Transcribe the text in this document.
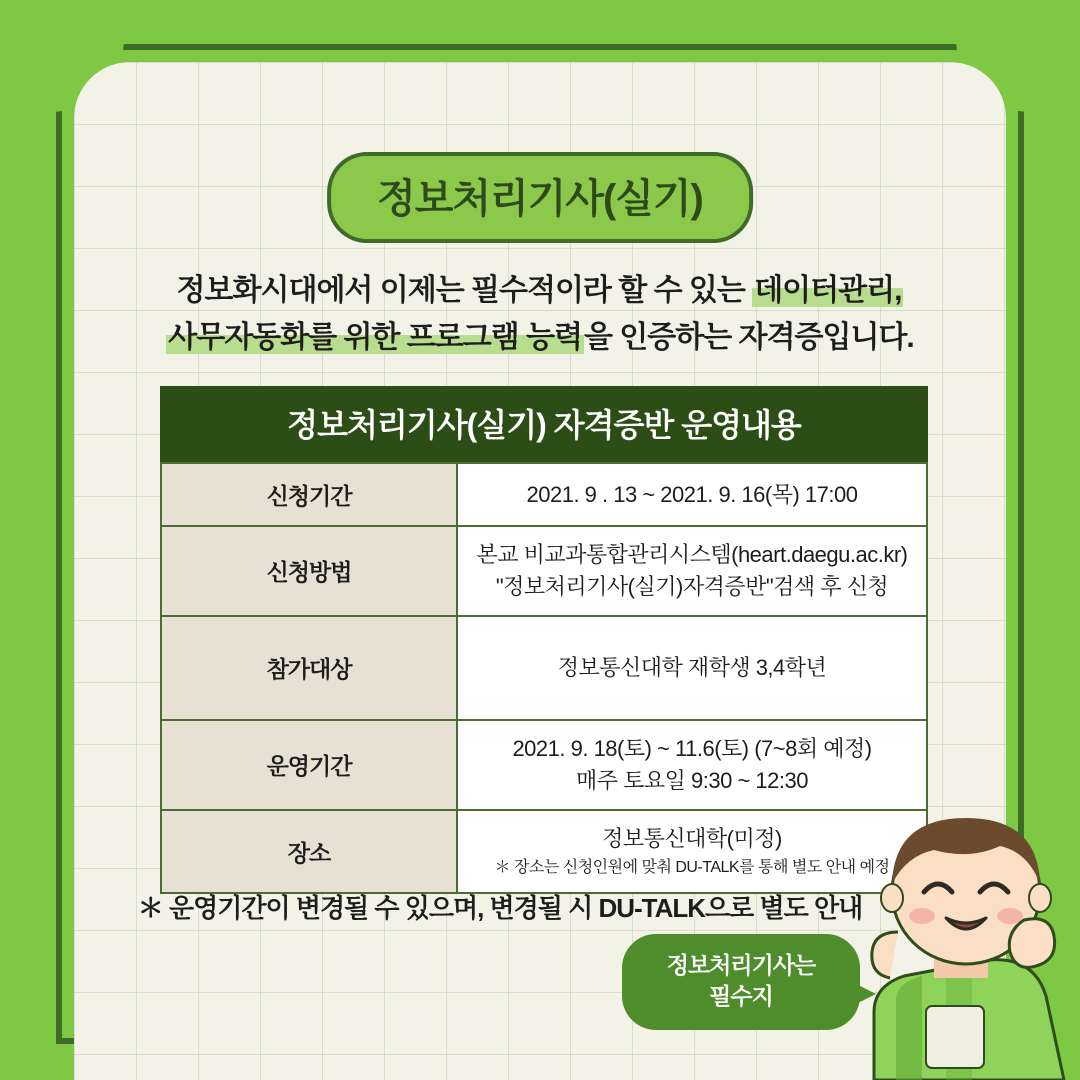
정보처리기사(실기)
정보화시대에서 이제는 필수적이라 할 수 있는 데이터관리,
사무자동화를 위한 프로그램 능력을 인증하는 자격증입니다.
정보처리기사(실기) 자격증반 운영내용
신청기간	2021. 9 . 13 ~ 2021. 9. 16(목) 17:00
신청방법	본교 비교과통합관리시스템(heart.daegu.ac.kr)
"정보처리기사(실기)자격증반"검색 후 신청

참가대상	정보통신대학 재학생 3,4학년
운영기간	2021. 9. 18(토) ~ 11.6(토) (7~8회 예정)
매주 토요일 9:30 ~ 12:30

장소	정보통신대학(미정)
＊ 장소는 신청인원에 맞춰 DU-TALK를 통해 별도 안내 예정
＊ 운영기간이 변경될 수 있으며, 변경될 시 DU-TALK으로 별도 안내
정보처리기사는
필수지
